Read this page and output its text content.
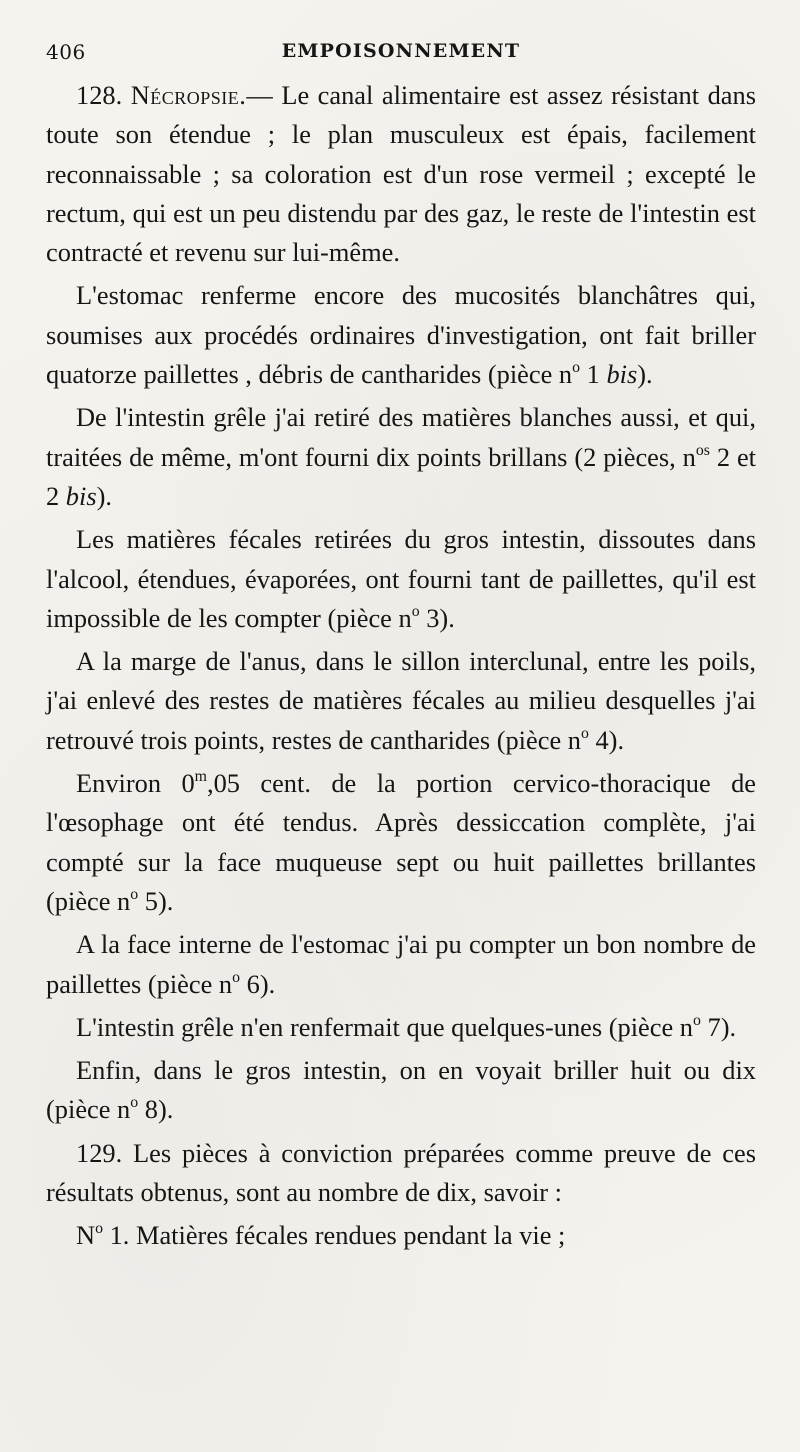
406	EMPOISONNEMENT

128. Nécropsie.— Le canal alimentaire est assez résistant dans toute son étendue ; le plan musculeux est épais, facilement reconnaissable ; sa coloration est d'un rose vermeil ; excepté le rectum, qui est un peu distendu par des gaz, le reste de l'intestin est contracté et revenu sur lui-même.

L'estomac renferme encore des mucosités blanchâtres qui, soumises aux procédés ordinaires d'investigation, ont fait briller quatorze paillettes , débris de cantharides (pièce $n^o$ 1 bis).

De l'intestin grêle j'ai retiré des matières blanches aussi, et qui, traitées de même, m'ont fourni dix points brillans (2 pièces, $n^{os}$ 2 et 2 bis).

Les matières fécales retirées du gros intestin, dissoutes dans l'alcool, étendues, évaporées, ont fourni tant de paillettes, qu'il est impossible de les compter (pièce $n^o$ 3).

A la marge de l'anus, dans le sillon interclunal, entre les poils, j'ai enlevé des restes de matières fécales au milieu desquelles j'ai retrouvé trois points, restes de cantharides (pièce $n^o$ 4).

Environ 0$^m$,05 cent. de la portion cervico-thoracique de l'œsophage ont été tendus. Après dessiccation complète, j'ai compté sur la face muqueuse sept ou huit paillettes brillantes (pièce $n^o$ 5).

A la face interne de l'estomac j'ai pu compter un bon nombre de paillettes (pièce $n^o$ 6).

L'intestin grêle n'en renfermait que quelques-unes (pièce $n^o$ 7).

Enfin, dans le gros intestin, on en voyait briller huit ou dix (pièce $n^o$ 8).

129. Les pièces à conviction préparées comme preuve de ces résultats obtenus, sont au nombre de dix, savoir :

$N^o$ 1. Matières fécales rendues pendant la vie ;
